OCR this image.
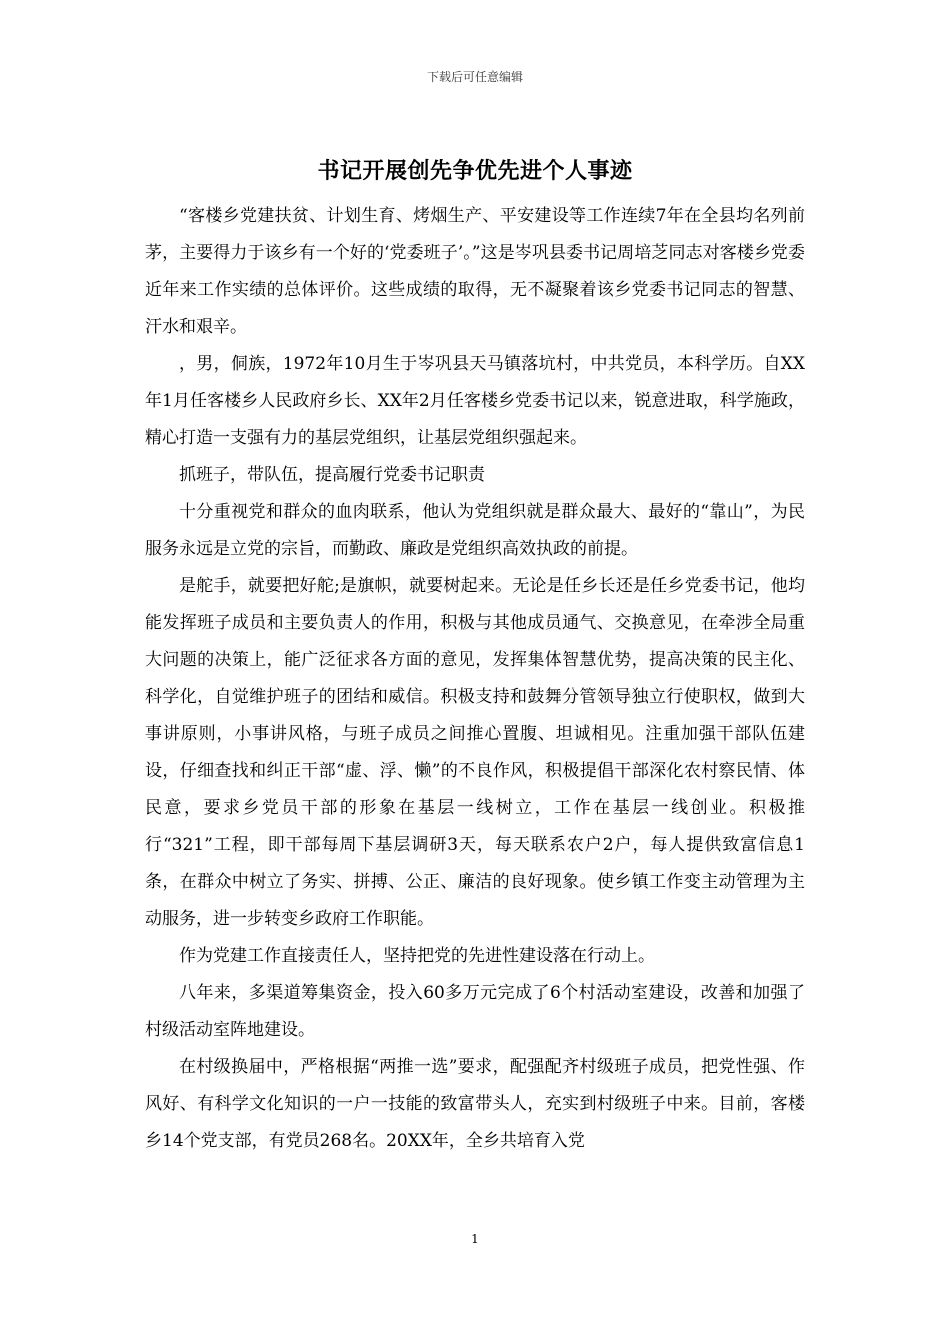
下载后可任意编辑
书记开展创先争优先进个人事迹

“客楼乡党建扶贫、计划生育、烤烟生产、平安建设等工作连续7年在全县均名列前茅，主要得力于该乡有一个好的‘党委班子’。”这是岑巩县委书记周培芝同志对客楼乡党委近年来工作实绩的总体评价。这些成绩的取得，无不凝聚着该乡党委书记同志的智慧、汗水和艰辛。

，男，侗族，1972年10月生于岑巩县天马镇落坑村，中共党员，本科学历。自XX年1月任客楼乡人民政府乡长、XX年2月任客楼乡党委书记以来，锐意进取，科学施政，精心打造一支强有力的基层党组织，让基层党组织强起来。

抓班子，带队伍，提高履行党委书记职责

十分重视党和群众的血肉联系，他认为党组织就是群众最大、最好的“靠山”，为民服务永远是立党的宗旨，而勤政、廉政是党组织高效执政的前提。

是舵手，就要把好舵;是旗帜，就要树起来。无论是任乡长还是任乡党委书记，他均能发挥班子成员和主要负责人的作用，积极与其他成员通气、交换意见，在牵涉全局重大问题的决策上，能广泛征求各方面的意见，发挥集体智慧优势，提高决策的民主化、科学化，自觉维护班子的团结和威信。积极支持和鼓舞分管领导独立行使职权，做到大事讲原则，小事讲风格，与班子成员之间推心置腹、坦诚相见。注重加强干部队伍建设，仔细查找和纠正干部“虚、浮、懒”的不良作风，积极提倡干部深化农村察民情、体民意，要求乡党员干部的形象在基层一线树立，工作在基层一线创业。积极推行“321”工程，即干部每周下基层调研3天，每天联系农户2户，每人提供致富信息1条，在群众中树立了务实、拼搏、公正、廉洁的良好现象。使乡镇工作变主动管理为主动服务，进一步转变乡政府工作职能。

作为党建工作直接责任人，坚持把党的先进性建设落在行动上。

八年来，多渠道筹集资金，投入60多万元完成了6个村活动室建设，改善和加强了村级活动室阵地建设。

在村级换届中，严格根据“两推一选”要求，配强配齐村级班子成员，把党性强、作风好、有科学文化知识的一户一技能的致富带头人，充实到村级班子中来。目前，客楼乡14个党支部，有党员268名。20XX年，全乡共培育入党

1
